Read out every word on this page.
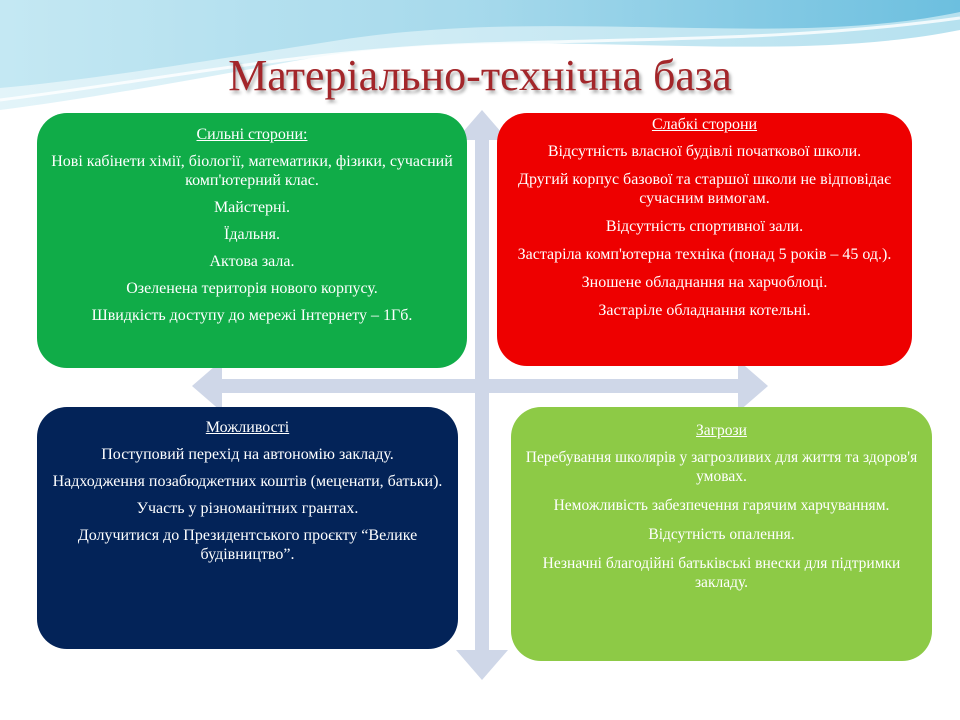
Матеріально-технічна база
Сильні сторони:
Нові кабінети хімії, біології, математики, фізики, сучасний комп'ютерний клас.
Майстерні.
Їдальня.
Актова зала.
Озеленена територія нового корпусу.
Швидкість доступу до мережі Інтернету – 1Гб.
Слабкі сторони
Відсутність власної будівлі початкової школи.
Другий корпус базової та старшої школи не відповідає сучасним вимогам.
Відсутність спортивної зали.
Застаріла комп'ютерна техніка (понад 5 років – 45 од.).
Зношене обладнання на харчоблоці.
Застаріле обладнання котельні.
Можливості
Поступовий перехід на автономію закладу.
Надходження позабюджетних коштів (меценати, батьки).
Участь у різноманітних грантах.
Долучитися до Президентського проєкту “Велике будівництво”.
Загрози
Перебування школярів у загрозливих для життя та здоров'я умовах.
Неможливість забезпечення гарячим харчуванням.
Відсутність опалення.
Незначні благодійні батьківські внески для підтримки закладу.
